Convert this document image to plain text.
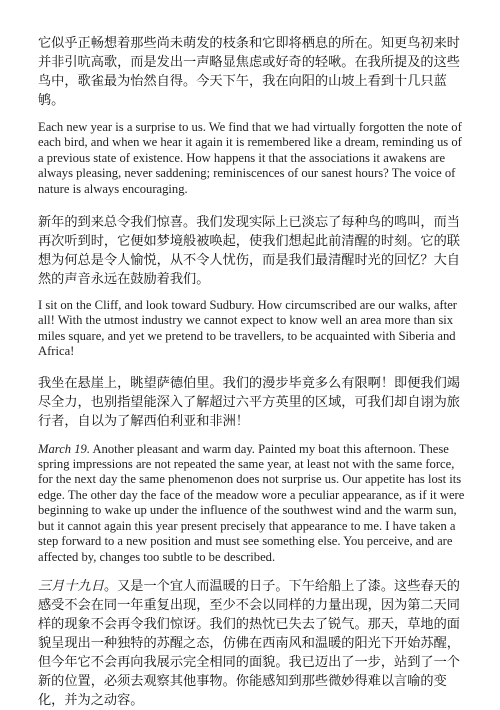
它似乎正畅想着那些尚未萌发的枝条和它即将栖息的所在。知更鸟初来时并非引吭高歌，而是发出一声略显焦虑或好奇的轻啾。在我所提及的这些鸟中，歌雀最为怡然自得。今天下午，我在向阳的山坡上看到十几只蓝鸲。

Each new year is a surprise to us. We find that we had virtually forgotten the note of each bird, and when we hear it again it is remembered like a dream, reminding us of a previous state of existence. How happens it that the associations it awakens are always pleasing, never saddening; reminiscences of our sanest hours? The voice of nature is always encouraging.

新年的到来总令我们惊喜。我们发现实际上已淡忘了每种鸟的鸣叫，而当再次听到时，它便如梦境般被唤起，使我们想起此前清醒的时刻。它的联想为何总是令人愉悦，从不令人忧伤，而是我们最清醒时光的回忆？大自然的声音永远在鼓励着我们。

I sit on the Cliff, and look toward Sudbury. How circumscribed are our walks, after all! With the utmost industry we cannot expect to know well an area more than six miles square, and yet we pretend to be travellers, to be acquainted with Siberia and Africa!

我坐在悬崖上，眺望萨德伯里。我们的漫步毕竟多么有限啊！即便我们竭尽全力，也别指望能深入了解超过六平方英里的区域，可我们却自诩为旅行者，自以为了解西伯利亚和非洲！

March 19. Another pleasant and warm day. Painted my boat this afternoon. These spring impressions are not repeated the same year, at least not with the same force, for the next day the same phenomenon does not surprise us. Our appetite has lost its edge. The other day the face of the meadow wore a peculiar appearance, as if it were beginning to wake up under the influence of the southwest wind and the warm sun, but it cannot again this year present precisely that appearance to me. I have taken a step forward to a new position and must see something else. You perceive, and are affected by, changes too subtle to be described.

三月十九日。又是一个宜人而温暖的日子。下午给船上了漆。这些春天的感受不会在同一年重复出现，至少不会以同样的力量出现，因为第二天同样的现象不会再令我们惊讶。我们的热忱已失去了锐气。那天，草地的面貌呈现出一种独特的苏醒之态，仿佛在西南风和温暖的阳光下开始苏醒，但今年它不会再向我展示完全相同的面貌。我已迈出了一步，站到了一个新的位置，必须去观察其他事物。你能感知到那些微妙得难以言喻的变化，并为之动容。
